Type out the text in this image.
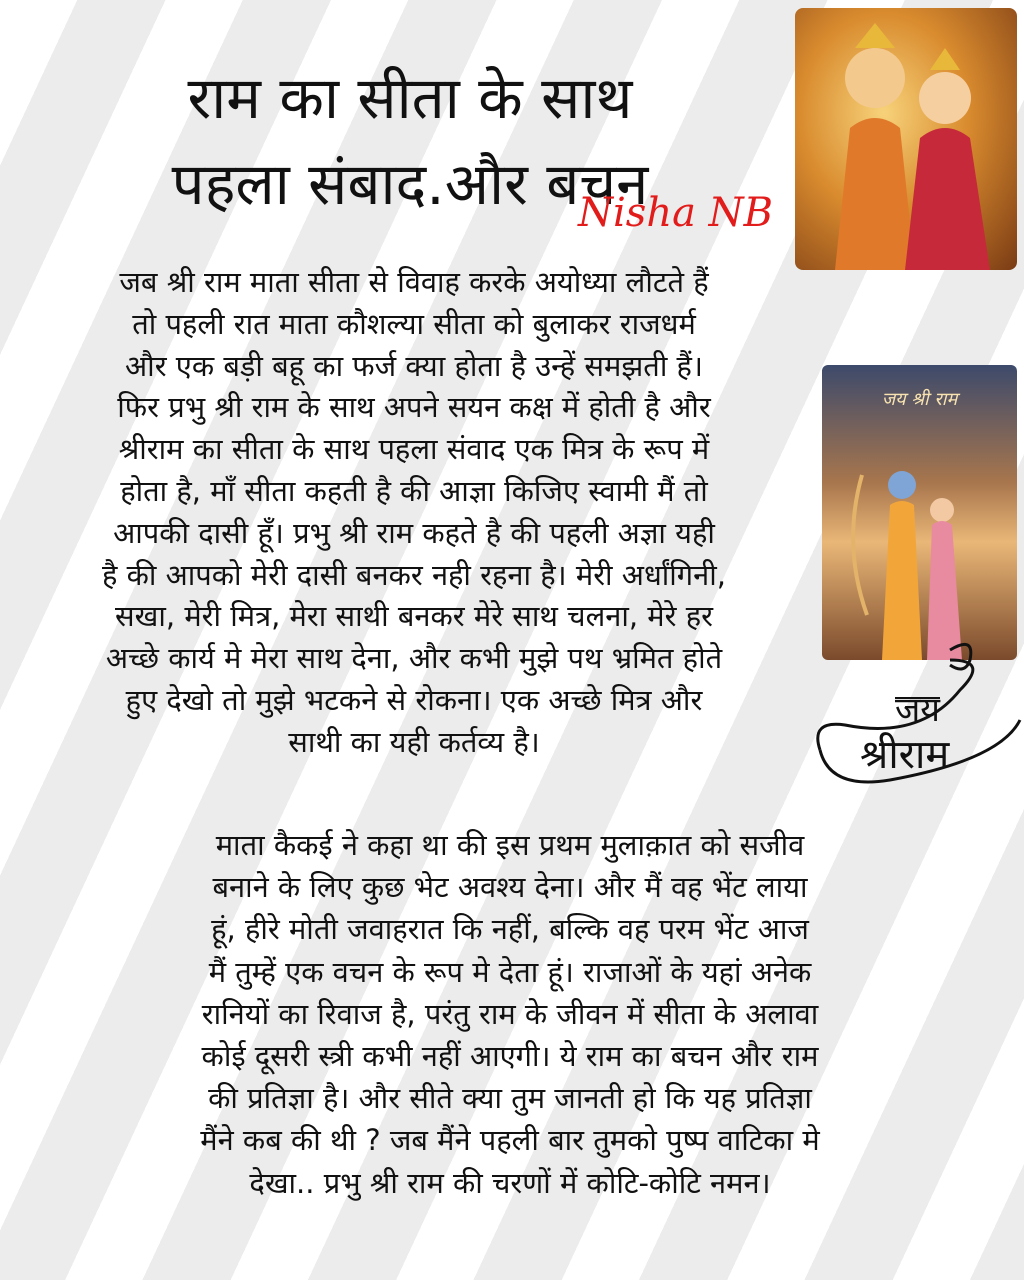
राम का सीता के साथ
पहला संबाद.और बचन
Nisha NB
जय श्री राम
जय
श्रीराम

जब श्री राम माता सीता से विवाह करके अयोध्या लौटते हैं
तो पहली रात माता कौशल्या सीता को बुलाकर राजधर्म
और एक बड़ी बहू का फर्ज क्या होता है उन्हें समझती हैं।
फिर प्रभु श्री राम के साथ अपने सयन कक्ष में होती है और
श्रीराम का सीता के साथ पहला संवाद एक मित्र के रूप में
होता है, माँ सीता कहती है की आज्ञा किजिए स्वामी मैं तो
आपकी दासी हूँ। प्रभु श्री राम कहते है की पहली अज्ञा यही
है की आपको मेरी दासी बनकर नही रहना है। मेरी अर्धांगिनी,
सखा, मेरी मित्र, मेरा साथी बनकर मेरे साथ चलना, मेरे हर
अच्छे कार्य मे मेरा साथ देना, और कभी मुझे पथ भ्रमित होते
हुए देखो तो मुझे भटकने से रोकना। एक अच्छे मित्र और
साथी का यही कर्तव्य है।

माता कैकई ने कहा था की इस प्रथम मुलाक़ात को सजीव
बनाने के लिए कुछ भेट अवश्य देना। और मैं वह भेंट लाया
हूं, हीरे मोती जवाहरात कि नहीं, बल्कि वह परम भेंट आज
मैं तुम्हें एक वचन के रूप मे देता हूं। राजाओं के यहां अनेक
रानियों का रिवाज है, परंतु राम के जीवन में सीता के अलावा
कोई दूसरी स्त्री कभी नहीं आएगी। ये राम का बचन और राम
की प्रतिज्ञा है। और सीते क्या तुम जानती हो कि यह प्रतिज्ञा
मैंने कब की थी ? जब मैंने पहली बार तुमको पुष्प वाटिका मे
देखा.. प्रभु श्री राम की चरणों में कोटि-कोटि नमन।
